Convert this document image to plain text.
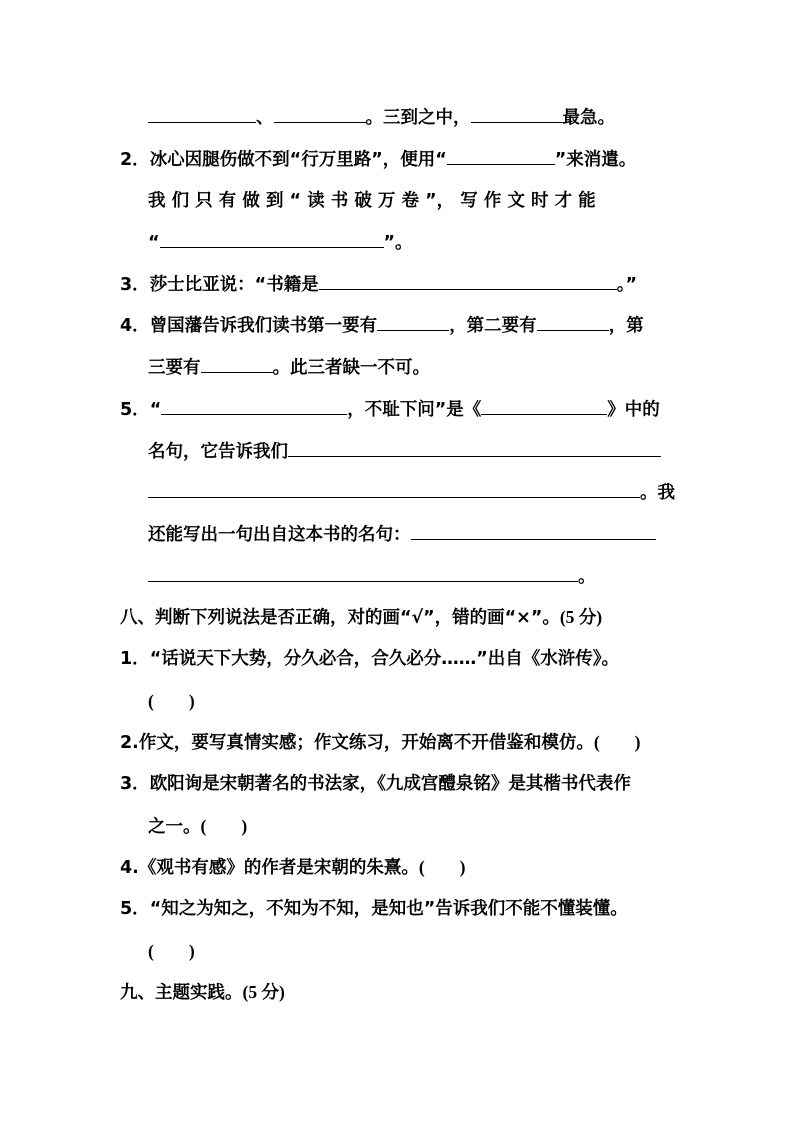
、	。三到之中，	最急。
2．冰心因腿伤做不到“行万里路”，便用“	”来消遣。
我 们 只 有 做 到 “ 读 书 破 万 卷 ”， 写 作 文 时 才 能
“	”。
3．莎士比亚说：“书籍是	。”
4．曾国藩告诉我们读书第一要有	，第二要有	，第
三要有	。此三者缺一不可。
5．“	，不耻下问”是《	》中的
名句，它告诉我们
。我
还能写出一句出自这本书的名句：
。
八、判断下列说法是否正确，对的画“√”，错的画“×”。(5 分)
1．“话说天下大势，分久必合，合久必分……”出自《水浒传》。
(　　)
2.作文，要写真情实感；作文练习，开始离不开借鉴和模仿。(　　)
3．欧阳询是宋朝著名的书法家，《九成宫醴泉铭》是其楷书代表作
之一。(　　)
4.《观书有感》的作者是宋朝的朱熹。(　　)
5．“知之为知之，不知为不知，是知也”告诉我们不能不懂装懂。
(　　)
九、主题实践。(5 分)
